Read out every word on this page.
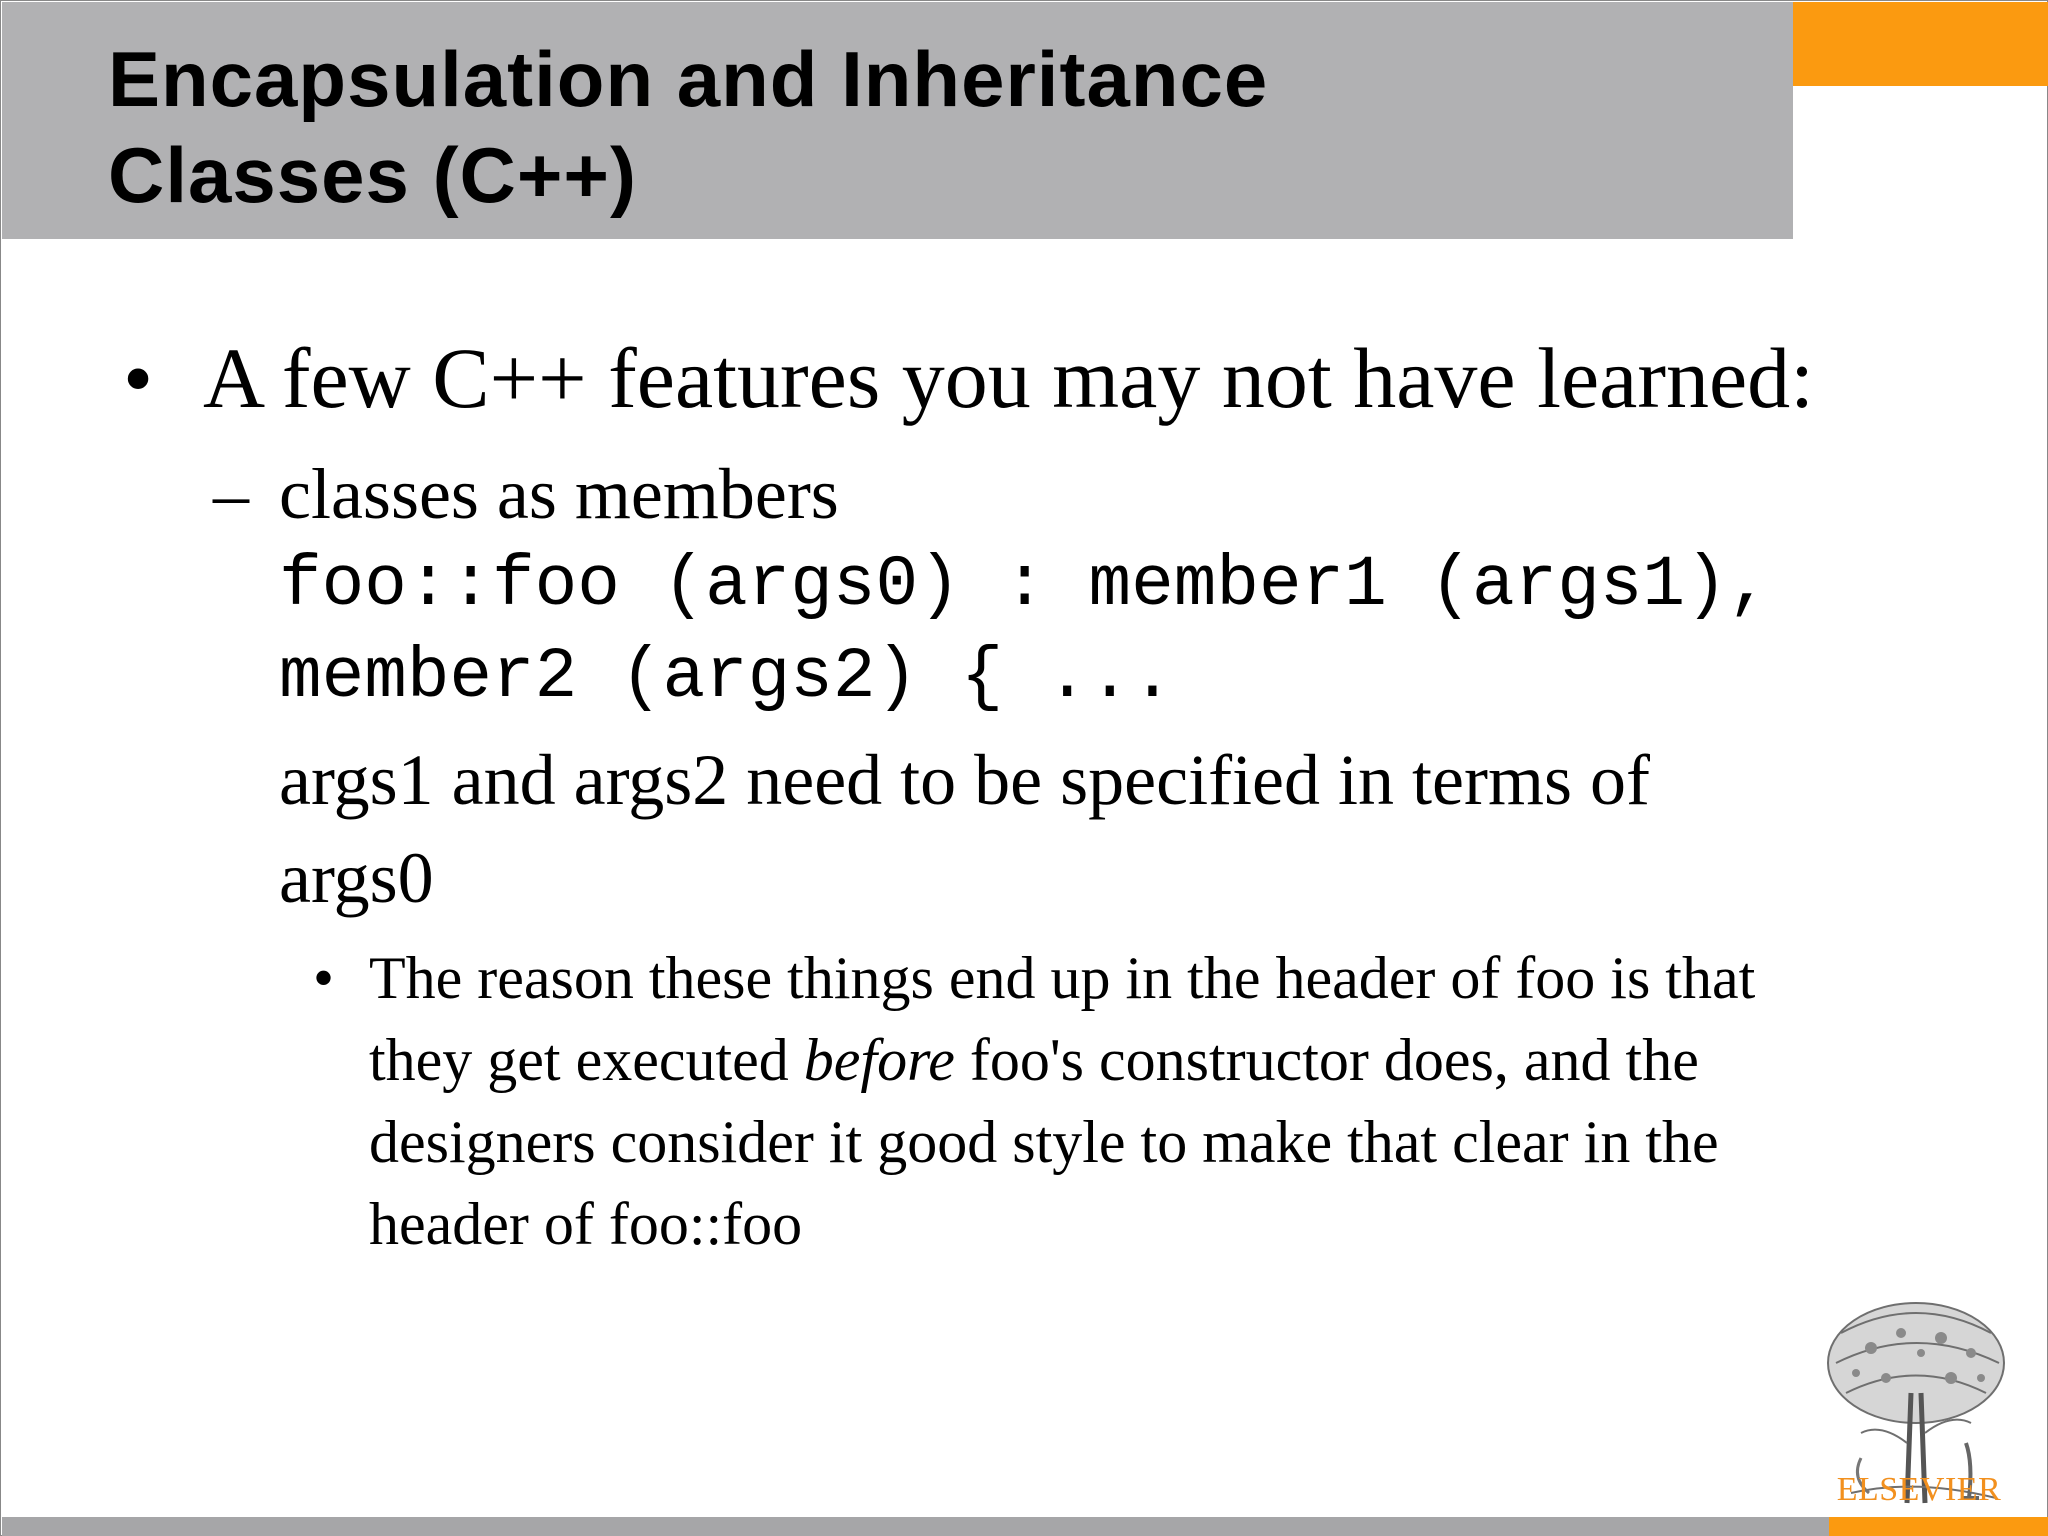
Encapsulation and Inheritance
Classes (C++)
• A few C++ features you may not have learned:
– classes as members
foo::foo (args0) : member1 (args1),
member2 (args2) { ...
args1 and args2 need to be specified in terms of
args0
• The reason these things end up in the header of foo is that
they get executed before foo's constructor does, and the
designers consider it good style to make that clear in the
header of foo::foo
ELSEVIER
